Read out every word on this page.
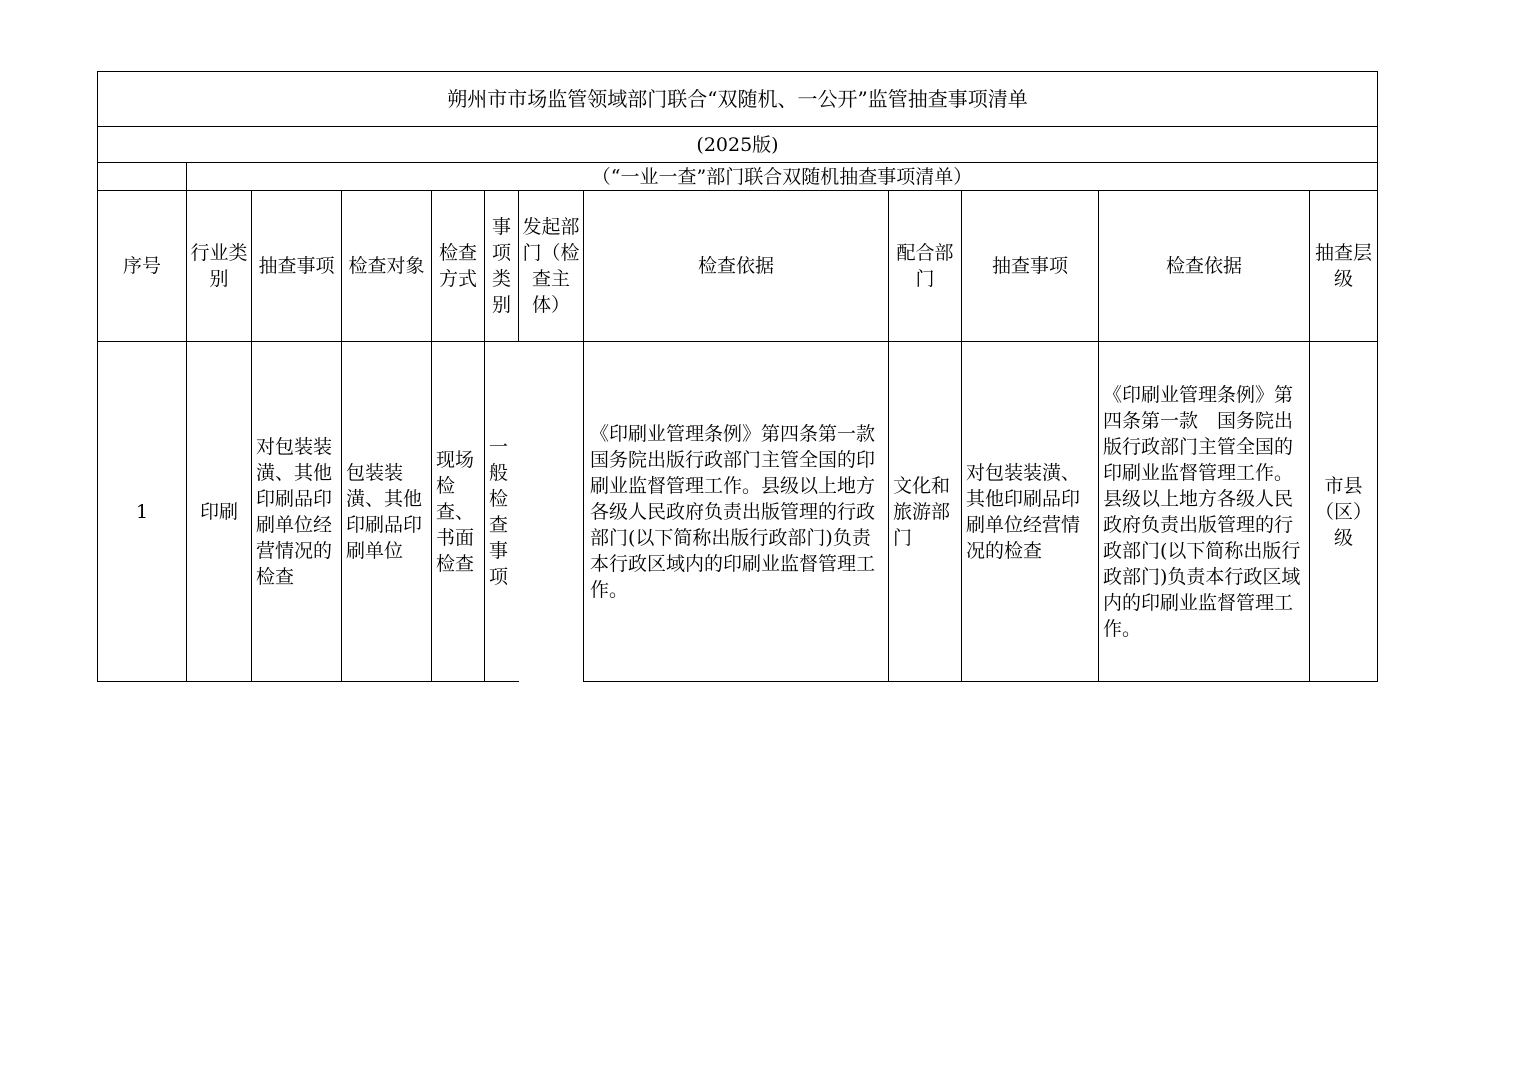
朔州市市场监管领域部门联合“双随机、一公开”监管抽查事项清单											
(2025版)											
	（“一业一查”部门联合双随机抽查事项清单）										
序号	行业类别	抽查事项	检查对象	检查方式	事项类别	发起部门（检查主体）	检查依据	配合部门	抽查事项	检查依据	抽查层级
1	印刷	对包装装潢、其他印刷品印刷单位经营情况的检查	包装装潢、其他印刷品印刷单位	现场检查、书面检查	一般检查事项		《印刷业管理条例》第四条第一款　国务院出版行政部门主管全国的印刷业监督管理工作。县级以上地方各级人民政府负责出版管理的行政部门(以下简称出版行政部门)负责本行政区域内的印刷业监督管理工作。	文化和旅游部门	对包装装潢、其他印刷品印刷单位经营情况的检查	《印刷业管理条例》第四条第一款　国务院出版行政部门主管全国的印刷业监督管理工作。县级以上地方各级人民政府负责出版管理的行政部门(以下简称出版行政部门)负责本行政区域内的印刷业监督管理工作。	市县（区）级
